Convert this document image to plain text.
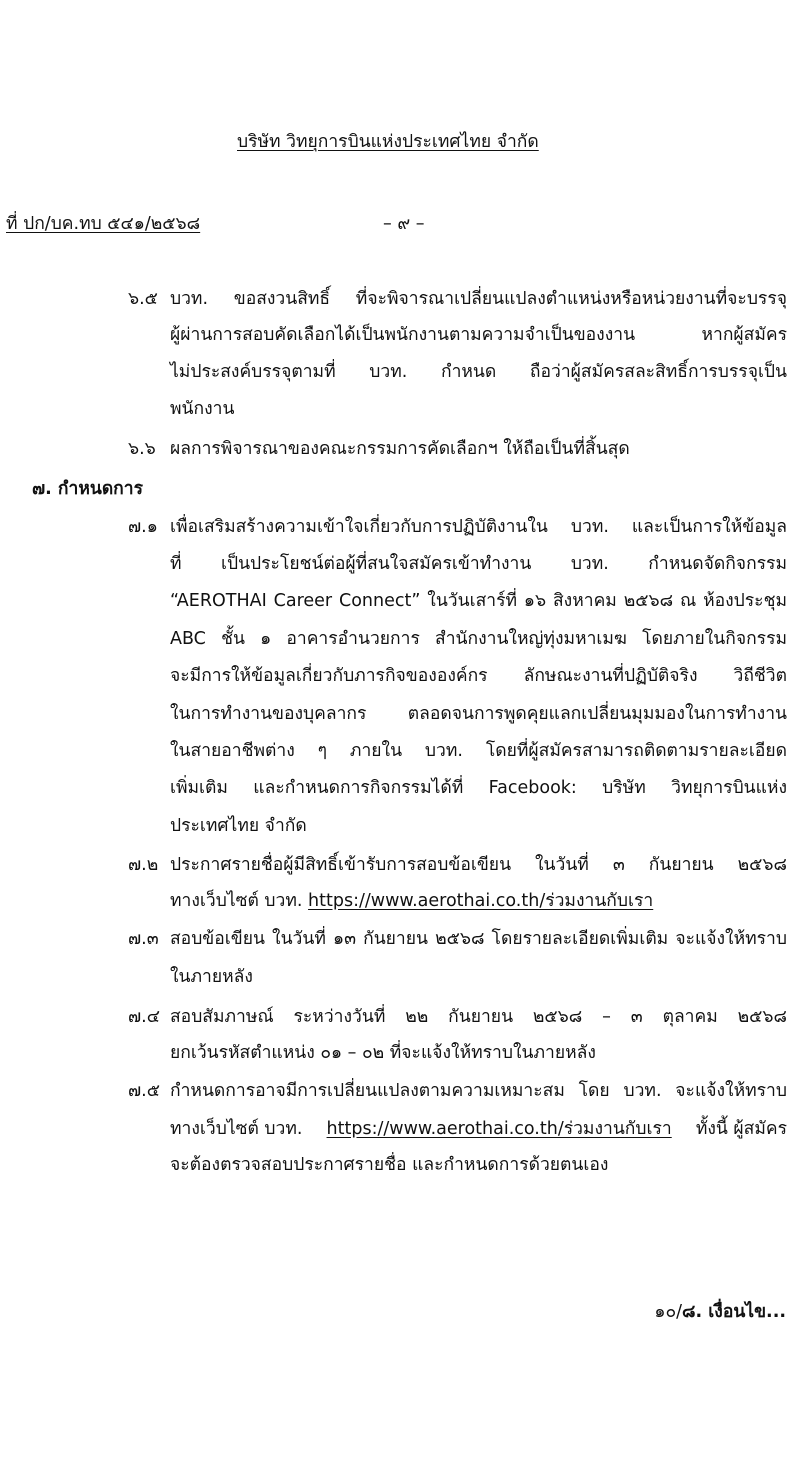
บริษัท วิทยุการบินแห่งประเทศไทย จำกัด
ที่ ปก/บค.ทบ ๕๔๑/๒๕๖๘	– ๙ –
๖.๕ บวท. ขอสงวนสิทธิ์ ที่จะพิจารณาเปลี่ยนแปลงตำแหน่งหรือหน่วยงานที่จะบรรจุ
ผู้ผ่านการสอบคัดเลือกได้เป็นพนักงานตามความจำเป็นของงาน หากผู้สมัคร
ไม่ประสงค์บรรจุตามที่ บวท. กำหนด ถือว่าผู้สมัครสละสิทธิ์การบรรจุเป็น
พนักงาน
๖.๖ ผลการพิจารณาของคณะกรรมการคัดเลือกฯ ให้ถือเป็นที่สิ้นสุด
๗. กำหนดการ
๗.๑ เพื่อเสริมสร้างความเข้าใจเกี่ยวกับการปฏิบัติงานใน บวท. และเป็นการให้ข้อมูล
ที่ เป็นประโยชน์ต่อผู้ที่สนใจสมัครเข้าทำงาน บวท. กำหนดจัดกิจกรรม
“AEROTHAI Career Connect” ในวันเสาร์ที่ ๑๖ สิงหาคม ๒๕๖๘ ณ ห้องประชุม
ABC ชั้น ๑ อาคารอำนวยการ สำนักงานใหญ่ทุ่งมหาเมฆ โดยภายในกิจกรรม
จะมีการให้ข้อมูลเกี่ยวกับภารกิจขององค์กร ลักษณะงานที่ปฏิบัติจริง วิถีชีวิต
ในการทำงานของบุคลากร ตลอดจนการพูดคุยแลกเปลี่ยนมุมมองในการทำงาน
ในสายอาชีพต่าง ๆ ภายใน บวท. โดยที่ผู้สมัครสามารถติดตามรายละเอียด
เพิ่มเติม และกำหนดการกิจกรรมได้ที่ Facebook: บริษัท วิทยุการบินแห่ง
ประเทศไทย จำกัด
๗.๒ ประกาศรายชื่อผู้มีสิทธิ์เข้ารับการสอบข้อเขียน ในวันที่ ๓ กันยายน ๒๕๖๘
ทางเว็บไซต์ บวท. https://www.aerothai.co.th/ร่วมงานกับเรา
๗.๓ สอบข้อเขียน ในวันที่ ๑๓ กันยายน ๒๕๖๘ โดยรายละเอียดเพิ่มเติม จะแจ้งให้ทราบ
ในภายหลัง
๗.๔ สอบสัมภาษณ์ ระหว่างวันที่ ๒๒ กันยายน ๒๕๖๘ – ๓ ตุลาคม ๒๕๖๘
ยกเว้นรหัสตำแหน่ง ๐๑ – ๐๒ ที่จะแจ้งให้ทราบในภายหลัง
๗.๕ กำหนดการอาจมีการเปลี่ยนแปลงตามความเหมาะสม โดย บวท. จะแจ้งให้ทราบ
ทางเว็บไซต์ บวท. https://www.aerothai.co.th/ร่วมงานกับเรา ทั้งนี้ ผู้สมัคร
จะต้องตรวจสอบประกาศรายชื่อ และกำหนดการด้วยตนเอง
๑๐/๘. เงื่อนไข...
